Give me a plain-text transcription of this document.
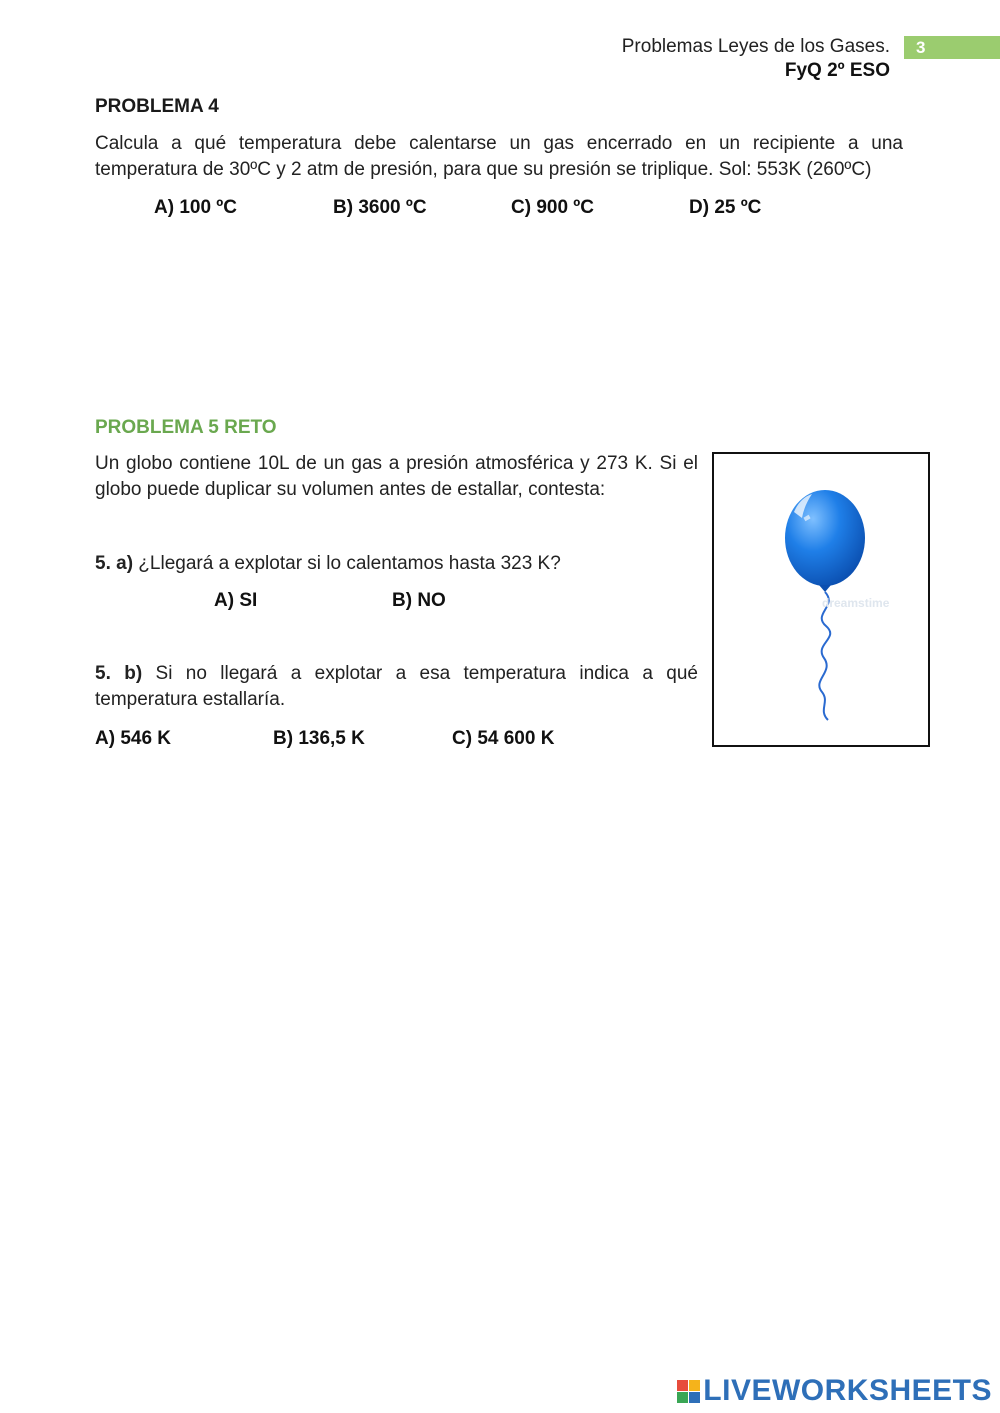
Problemas Leyes de los Gases.	3
FyQ 2º ESO
PROBLEMA 4
Calcula a qué temperatura debe calentarse un gas encerrado en un recipiente a una temperatura de 30ºC y 2 atm de presión, para que su presión se triplique. Sol: 553K (260ºC)
A) 100 ºC	B) 3600 ºC	C) 900 ºC	D) 25 ºC
PROBLEMA 5 RETO
Un globo contiene 10L de un gas a presión atmosférica y 273 K. Si el globo puede duplicar su volumen antes de estallar, contesta:
5. a) ¿Llegará a explotar si lo calentamos hasta 323 K?
A) SI	B) NO
5. b) Si no llegará a explotar a esa temperatura indica a qué temperatura estallaría.
A) 546 K	B) 136,5 K	C) 54 600 K
dreamstime
LIVEWORKSHEETS
